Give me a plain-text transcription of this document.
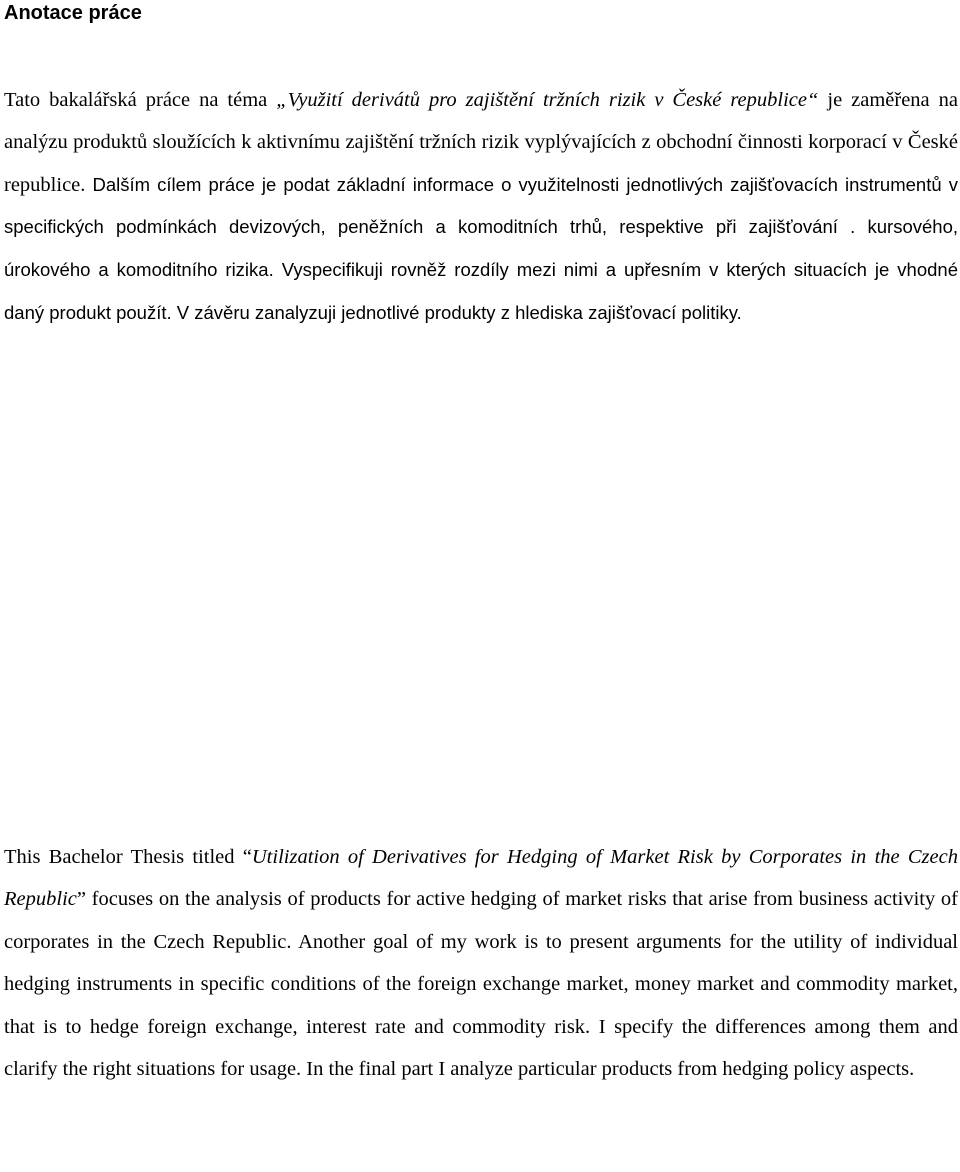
Anotace práce

Tato bakalářská práce na téma „Využití derivátů pro zajištění tržních rizik v České republice“ je zaměřena na analýzu produktů sloužících k aktivnímu zajištění tržních rizik vyplývajících z obchodní činnosti korporací v České republice. Dalším cílem práce je podat základní informace o využitelnosti jednotlivých zajišťovacích instrumentů v specifických podmínkách devizových, peněžních a komoditních trhů, respektive při zajišťování . kursového, úrokového a komoditního rizika. Vyspecifikuji rovněž rozdíly mezi nimi a upřesním v kterých situacích je vhodné daný produkt použít. V závěru zanalyzuji jednotlivé produkty z hlediska zajišťovací politiky.

This Bachelor Thesis titled “Utilization of Derivatives for Hedging of Market Risk by Corporates in the Czech Republic” focuses on the analysis of products for active hedging of market risks that arise from business activity of corporates in the Czech Republic. Another goal of my work is to present arguments for the utility of individual hedging instruments in specific conditions of the foreign exchange market, money market and commodity market, that is to hedge foreign exchange, interest rate and commodity risk. I specify the differences among them and clarify the right situations for usage. In the final part I analyze particular products from hedging policy aspects.
